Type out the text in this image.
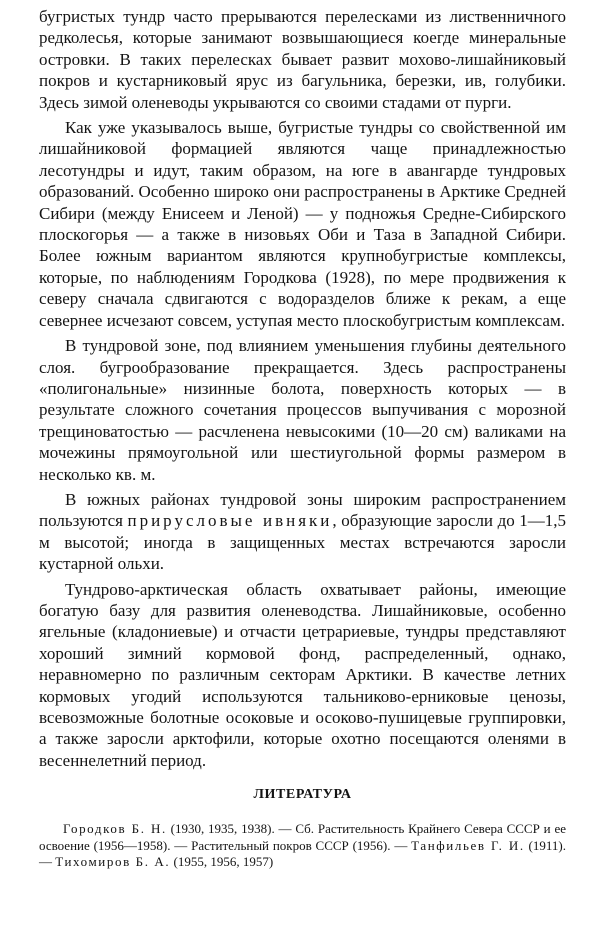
бугристых тундр часто прерываются перелесками из лиственничного редколесья, которые занимают возвышающиеся коегде минеральные островки. В таких перелесках бывает развит мохово-лишайниковый покров и кустарниковый ярус из багульника, березки, ив, голубики. Здесь зимой оленеводы укрываются со своими стадами от пурги.

Как уже указывалось выше, бугристые тундры со свойственной им лишайниковой формацией являются чаще принадлежностью лесотундры и идут, таким образом, на юге в авангарде тундровых образований. Особенно широко они распространены в Арктике Средней Сибири (между Енисеем и Леной) — у подножья Средне-Сибирского плоскогорья — а также в низовьях Оби и Таза в Западной Сибири. Более южным вариантом являются крупнобугристые комплексы, которые, по наблюдениям Городкова (1928), по мере продвижения к северу сначала сдвигаются с водоразделов ближе к рекам, а еще севернее исчезают совсем, уступая место плоскобугристым комплексам.

В тундровой зоне, под влиянием уменьшения глубины деятельного слоя. бугрообразование прекращается. Здесь распространены «полигональные» низинные болота, поверхность которых — в результате сложного сочетания процессов выпучивания с морозной трещиноватостью — расчленена невысокими (10—20 см) валиками на мочежины прямоугольной или шестиугольной формы размером в несколько кв. м.

В южных районах тундровой зоны широким распространением пользуются прирусловые ивняки, образующие заросли до 1—1,5 м высотой; иногда в защищенных местах встречаются заросли кустарной ольхи.

Тундрово-арктическая область охватывает районы, имеющие богатую базу для развития оленеводства. Лишайниковые, особенно ягельные (кладониевые) и отчасти цетрариевые, тундры представляют хороший зимний кормовой фонд, распределенный, однако, неравномерно по различным секторам Арктики. В качестве летних кормовых угодий используются тальниково-ерниковые ценозы, всевозможные болотные осоковые и осоково-пушицевые группировки, а также заросли арктофили, которые охотно посещаются оленями в весеннелетний период.

ЛИТЕРАТУРА

Городков Б. Н. (1930, 1935, 1938). — Сб. Растительность Крайнего Севера СССР и ее освоение (1956—1958). — Растительный покров СССР (1956). — Танфильев Г. И. (1911). — Тихомиров Б. А. (1955, 1956, 1957)
